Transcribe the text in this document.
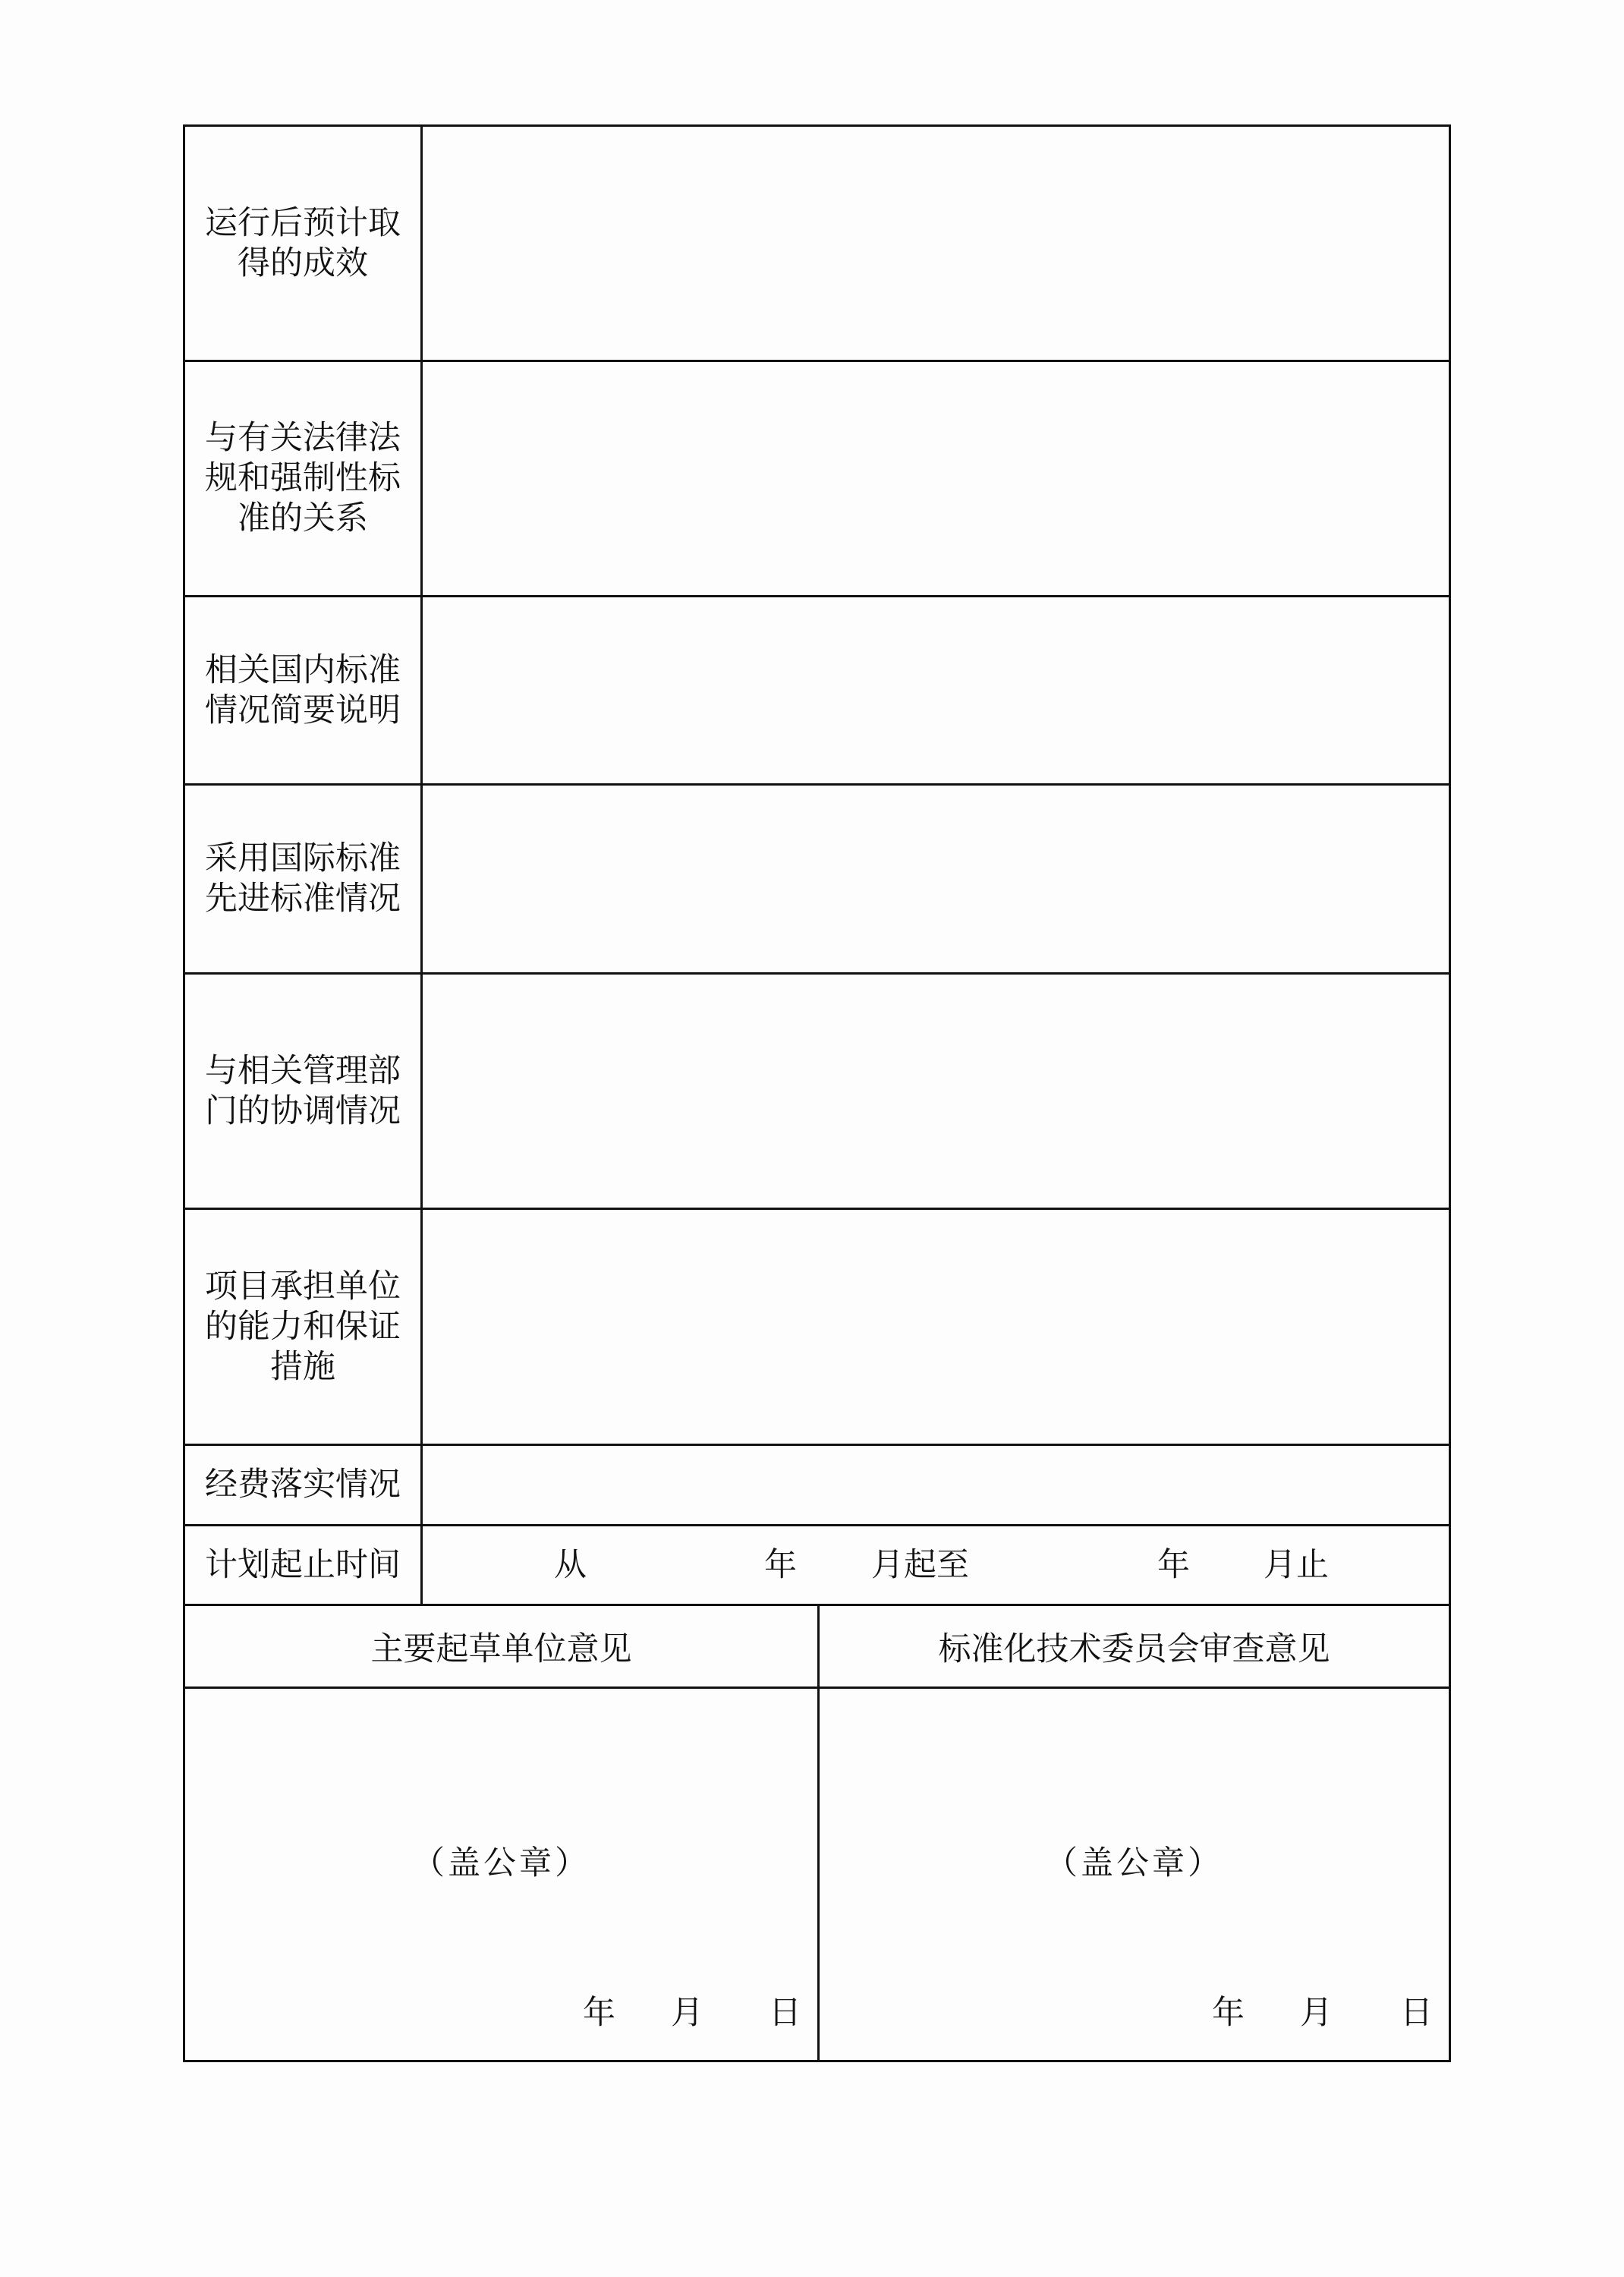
运行后预计取
得的成效
与有关法律法
规和强制性标
准的关系
相关国内标准
情况简要说明
采用国际标准
先进标准情况
与相关管理部
门的协调情况
项目承担单位
的能力和保证
措施
经费落实情况
计划起止时间	从	年 月起至	年 月止
主要起草单位意见
（盖公章）
年 月 日
标准化技术委员会审查意见
（盖公章）
年 月 日
